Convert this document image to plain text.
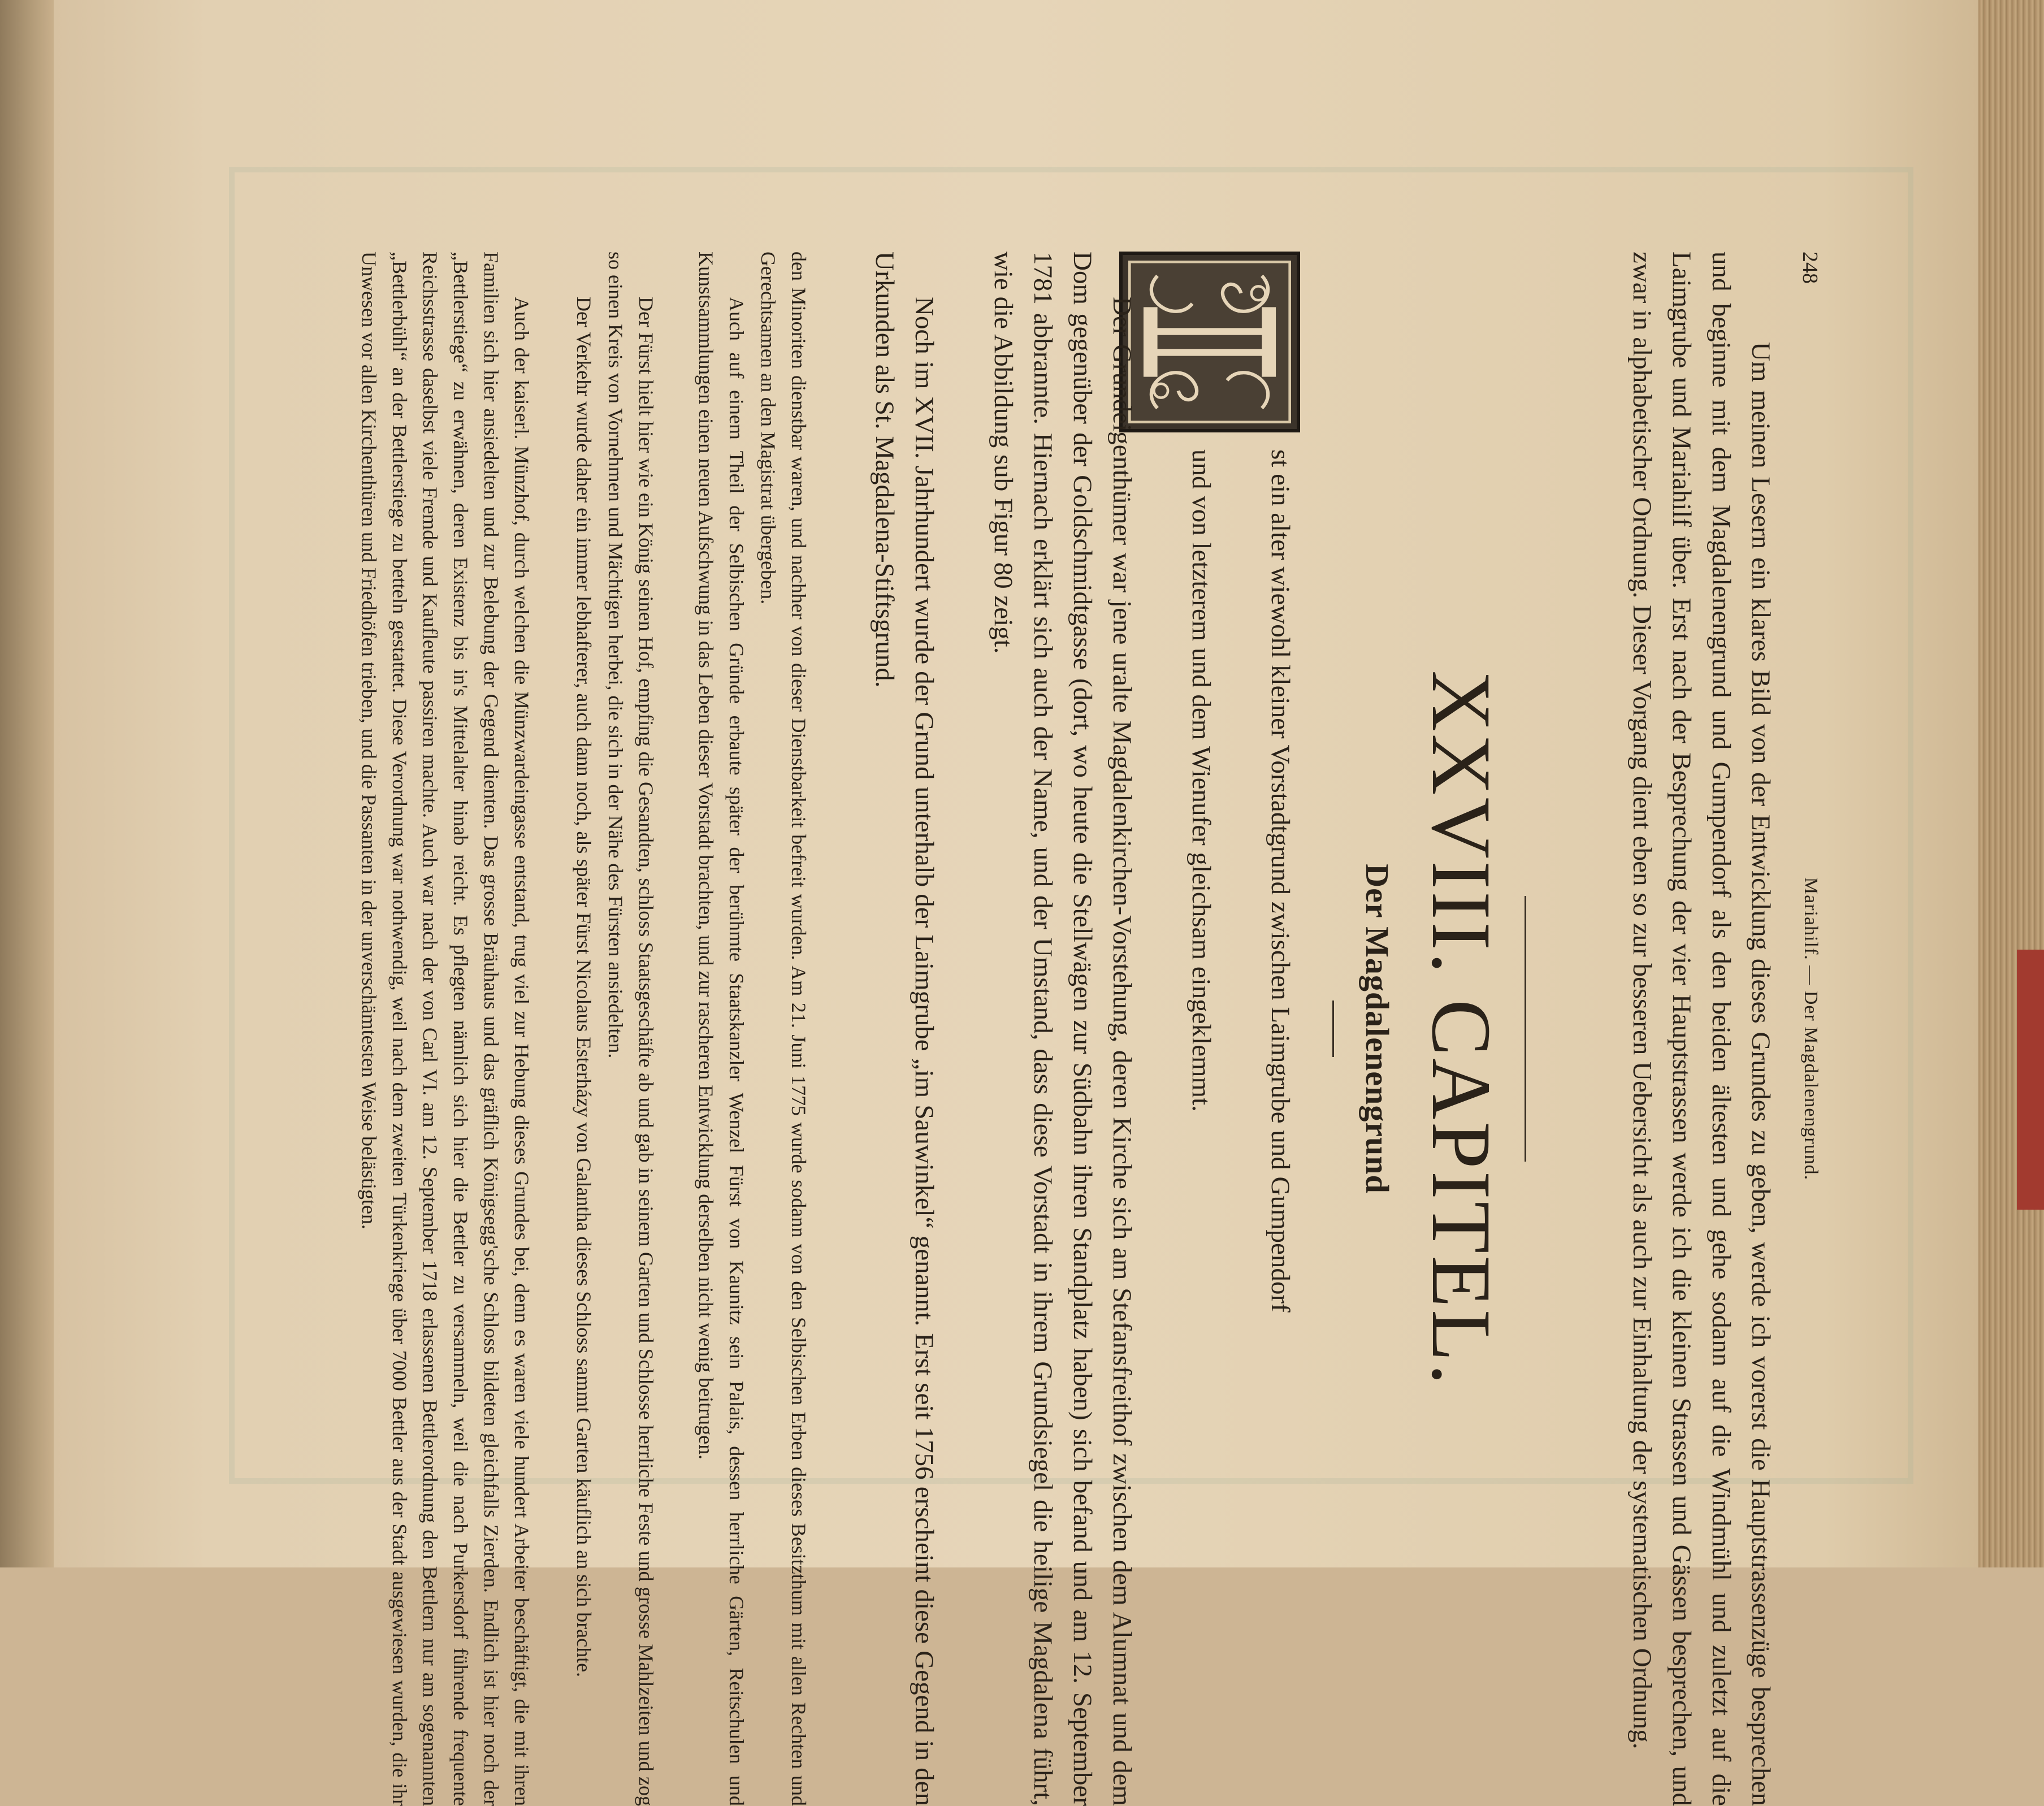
248
Mariahilf. — Der Magdalenengrund.

Um meinen Lesern ein klares Bild von der Entwicklung dieses Grundes zu geben, werde ich vorerst die Hauptstrassenzüge besprechen und beginne mit dem Magdalenengrund und Gumpendorf als den beiden ältesten und gehe sodann auf die Windmühl und zuletzt auf die Laimgrube und Mariahilf über. Erst nach der Besprechung der vier Hauptstrassen werde ich die kleinen Strassen und Gässen besprechen, und zwar in alphabetischer Ordnung. Dieser Vorgang dient eben so zur besseren Uebersicht als auch zur Einhaltung der systematischen Ordnung.

XXVIII. CAPITEL.
Der Magdalenengrund

st ein alter wiewohl kleiner Vorstadtgrund zwischen Laimgrube und Gumpendorf

und von letzterem und dem Wienufer gleichsam eingeklemmt.

Der Grundeigenthümer war jene uralte Magdalenkirchen-Vorstehung, deren Kirche sich am Stefansfreithof zwischen dem Alumnat und dem Dom gegenüber der Goldschmidtgasse (dort, wo heute die Stellwägen zur Südbahn ihren Standplatz haben) sich befand und am 12. September 1781 abbrannte. Hiernach erklärt sich auch der Name, und der Umstand, dass diese Vorstadt in ihrem Grundsiegel die heilige Magdalena führt, wie die Abbildung sub Figur 80 zeigt.

Noch im XVII. Jahrhundert wurde der Grund unterhalb der Laimgrube „im Sauwinkel“ genannt. Erst seit 1756 erscheint diese Gegend in den Urkunden als St. Magdalena-Stiftsgrund.

den Minoriten dienstbar waren, und nachher von dieser Dienstbarkeit befreit wurden. Am 21. Juni 1775 wurde sodann von den Selbischen Erben dieses Besitzthum mit allen Rechten und Gerechtsamen an den Magistrat übergeben.

Auch auf einem Theil der Selbischen Gründe erbaute später der berühmte Staatskanzler Wenzel Fürst von Kaunitz sein Palais, dessen herrliche Gärten, Reitschulen und Kunstsammlungen einen neuen Aufschwung in das Leben dieser Vorstadt brachten, und zur rascheren Entwicklung derselben nicht wenig beitrugen.

Der Fürst hielt hier wie ein König seinen Hof, empfing die Gesandten, schloss Staatsgeschäfte ab und gab in seinem Garten und Schlosse herrliche Feste und grosse Mahlzeiten und zog so einen Kreis von Vornehmen und Mächtigen herbei, die sich in der Nähe des Fürsten ansiedelten.

Der Verkehr wurde daher ein immer lebhafterer, auch dann noch, als später Fürst Nicolaus Esterházy von Galantha dieses Schloss sammt Garten käuflich an sich brachte.

Auch der kaiserl. Münzhof, durch welchen die Münzwardeingasse entstand, trug viel zur Hebung dieses Grundes bei, denn es waren viele hundert Arbeiter beschäftigt, die mit ihren Familien sich hier ansiedelten und zur Belebung der Gegend dienten. Das grosse Bräuhaus und das gräflich Königsegg'sche Schloss bildeten gleichfalls Zierden. Endlich ist hier noch der „Bettlerstiege“ zu erwähnen, deren Existenz bis in's Mittelalter hinab reicht. Es pflegten nämlich sich hier die Bettler zu versammeln, weil die nach Purkersdorf führende frequente Reichsstrasse daselbst viele Fremde und Kaufleute passiren machte. Auch war nach der von Carl VI. am 12. September 1718 erlassenen Bettlerordnung den Bettlern nur am sogenannten „Bettlerbühl“ an der Bettlerstiege zu betteln gestattet. Diese Verordnung war nothwendig, weil nach dem zweiten Türkenkriege über 7000 Bettler aus der Stadt ausgewiesen wurden, die ihr Unwesen vor allen Kirchenthüren und Friedhöfen trieben, und die Passanten in der unverschämtesten Weise belästigten.
